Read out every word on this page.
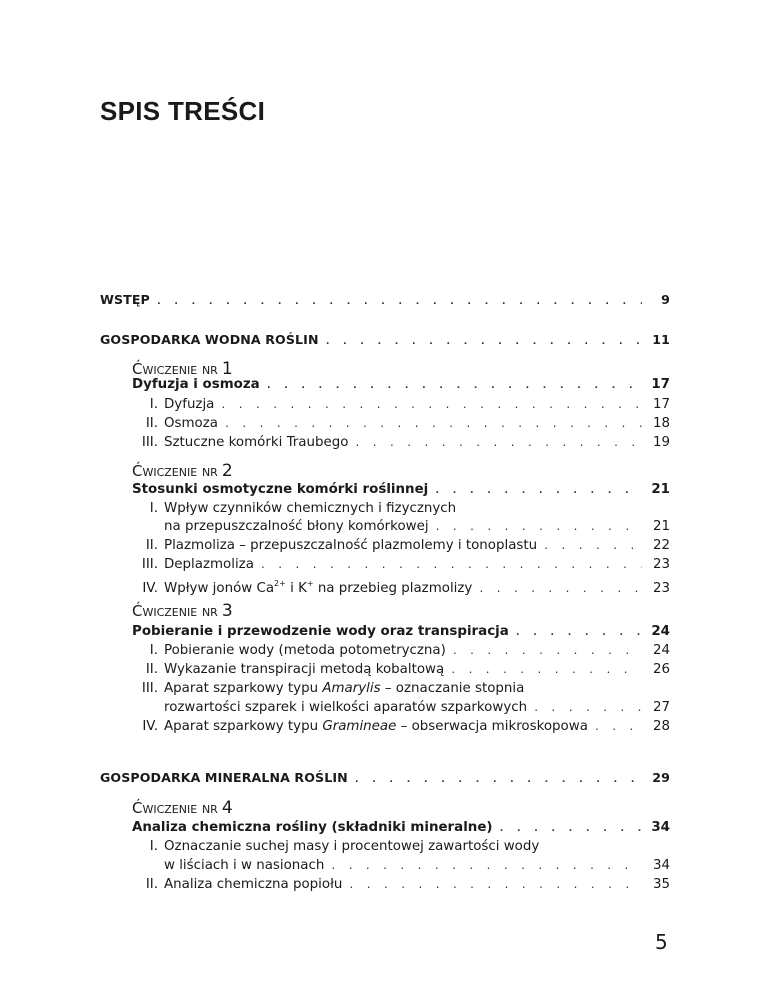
SPIS TREŚCI
WSTĘP . . .	9
GOSPODARKA WODNA ROŚLIN . . .	11
Ćwiczenie nr 1
Dyfuzja i osmoza . . .	17
I. Dyfuzja . . .	17
II. Osmoza . . .	18
III. Sztuczne komórki Traubego . . .	19
Ćwiczenie nr 2
Stosunki osmotyczne komórki roślinnej . . .	21
I. Wpływ czynników chemicznych i fizycznych
na przepuszczalność błony komórkowej . . .	21
II. Plazmoliza – przepuszczalność plazmolemy i tonoplastu . . .	22
III. Deplazmoliza . . .	23
IV. Wpływ jonów $Ca^{2+}$ i K+ na przebieg plazmolizy . . .	23
Ćwiczenie nr 3
Pobieranie i przewodzenie wody oraz transpiracja . . .	24
I. Pobieranie wody (metoda potometryczna) . . .	24
II. Wykazanie transpiracji metodą kobaltową . . .	26
III. Aparat szparkowy typu Amarylis – oznaczanie stopnia
rozwartości szparek i wielkości aparatów szparkowych . . .	27
IV. Aparat szparkowy typu Gramineae – obserwacja mikroskopowa . . .	28
GOSPODARKA MINERALNA ROŚLIN . . .	29
Ćwiczenie nr 4
Analiza chemiczna rośliny (składniki mineralne) . . .	34
I. Oznaczanie suchej masy i procentowej zawartości wody
w liściach i w nasionach . . .	34
II. Analiza chemiczna popiołu . . .	35
5
